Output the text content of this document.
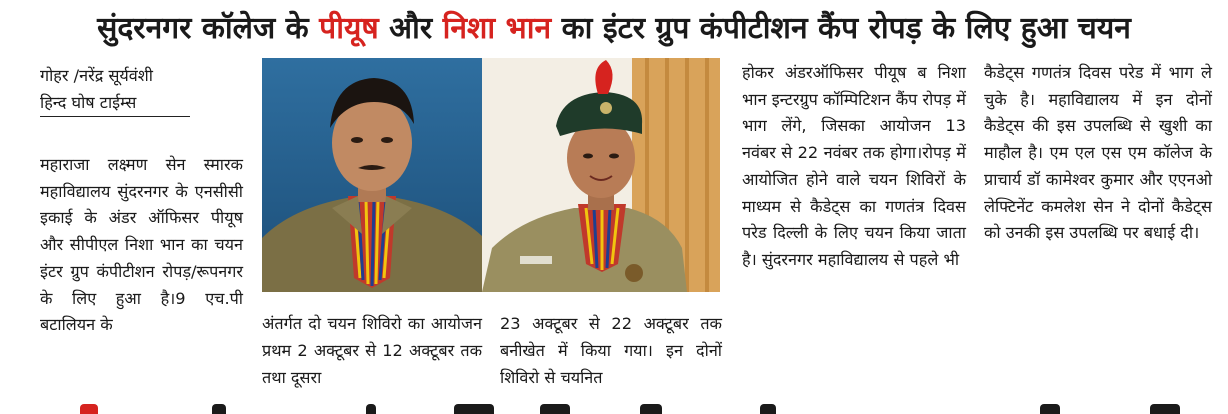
सुंदरनगर कॉलेज के पीयूष और निशा भान का इंटर ग्रुप कंपीटीशन कैंप रोपड़ के लिए हुआ चयन
गोहर /नरेंद्र सूर्यवंशी
हिन्द घोष टाईम्स

महाराजा लक्ष्मण सेन स्मारक महाविद्यालय सुंदरनगर के एनसीसी इकाई के अंडर ऑफिसर पीयूष और सीपीएल निशा भान का चयन इंटर ग्रुप कंपीटीशन रोपड़/रूपनगर के लिए हुआ है।9 एच.पी बटालियन के	अंतर्गत दो चयन शिविरो का आयोजन प्रथम 2 अक्टूबर से 12 अक्टूबर तक तथा दूसरा

23 अक्टूबर से 22 अक्टूबर तक बनीखेत में किया गया। इन दोनों शिविरो से चयनित

होकर अंडरऑफिसर पीयूष ब निशा भान इन्टरग्रुप कॉम्पिटिशन कैंप रोपड़ में भाग लेंगे, जिसका आयोजन 13 नवंबर से 22 नवंबर तक होगा।रोपड़ में आयोजित होने वाले चयन शिविरों के माध्यम से कैडेट्स का गणतंत्र दिवस परेड दिल्ली के लिए चयन किया जाता है। सुंदरनगर महाविद्यालय से पहले भी

कैडेट्स गणतंत्र दिवस परेड में भाग ले चुके है। महाविद्यालय में इन दोनों कैडेट्स की इस उपलब्धि से खुशी का माहौल है। एम एल एस एम कॉलेज के प्राचार्य डॉ कामेश्वर कुमार और एएनओ लेफ्टिनेंट कमलेश सेन ने दोनों कैडेट्स को उनकी इस उपलब्धि पर बधाई दी।
